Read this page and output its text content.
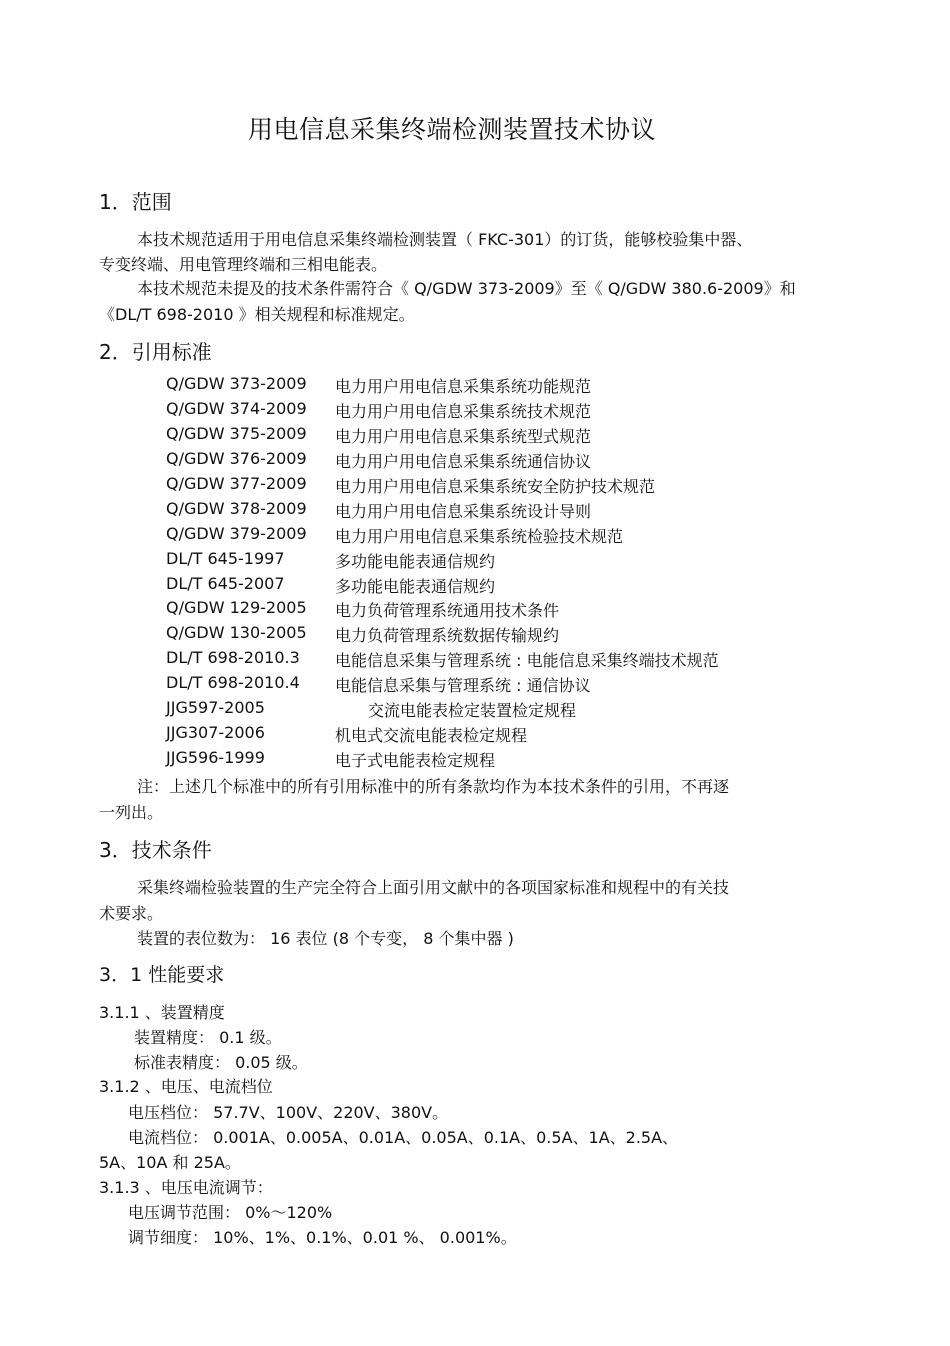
用电信息采集终端检测装置技术协议
1．范围
本技术规范适用于用电信息采集终端检测装置（ FKC-301）的订货，能够校验集中器、
专变终端、用电管理终端和三相电能表。
本技术规范未提及的技术条件需符合《 Q/GDW 373-2009》至《 Q/GDW 380.6-2009》和
《DL/T 698-2010 》相关规程和标准规定。
2．引用标准
Q/GDW 373-2009 电力用户用电信息采集系统功能规范
Q/GDW 374-2009 电力用户用电信息采集系统技术规范
Q/GDW 375-2009 电力用户用电信息采集系统型式规范
Q/GDW 376-2009 电力用户用电信息采集系统通信协议
Q/GDW 377-2009 电力用户用电信息采集系统安全防护技术规范
Q/GDW 378-2009 电力用户用电信息采集系统设计导则
Q/GDW 379-2009 电力用户用电信息采集系统检验技术规范
DL/T 645-1997	多功能电能表通信规约
DL/T 645-2007	多功能电能表通信规约
Q/GDW 129-2005 电力负荷管理系统通用技术条件
Q/GDW 130-2005 电力负荷管理系统数据传输规约
DL/T 698-2010.3 电能信息采集与管理系统 : 电能信息采集终端技术规范
DL/T 698-2010.4 电能信息采集与管理系统 : 通信协议
JJG597-2005	交流电能表检定装置检定规程
JJG307-2006	机电式交流电能表检定规程
JJG596-1999	电子式电能表检定规程
注：上述几个标准中的所有引用标准中的所有条款均作为本技术条件的引用，不再逐
一列出。
3．技术条件
采集终端检验装置的生产完全符合上面引用文献中的各项国家标准和规程中的有关技
术要求。
装置的表位数为： 16 表位 (8 个专变， 8 个集中器 )
3．1 性能要求
3.1.1 、装置精度
装置精度： 0.1 级。
标准表精度： 0.05 级。
3.1.2 、电压、电流档位
电压档位： 57.7V、100V、220V、380V。
电流档位： 0.001A、0.005A、0.01A、0.05A、0.1A、0.5A、1A、2.5A、
5A、10A 和 25A。
3.1.3 、电压电流调节：
电压调节范围： 0%～120%
调节细度： 10%、1%、0.1%、0.01 %、 0.001%。
